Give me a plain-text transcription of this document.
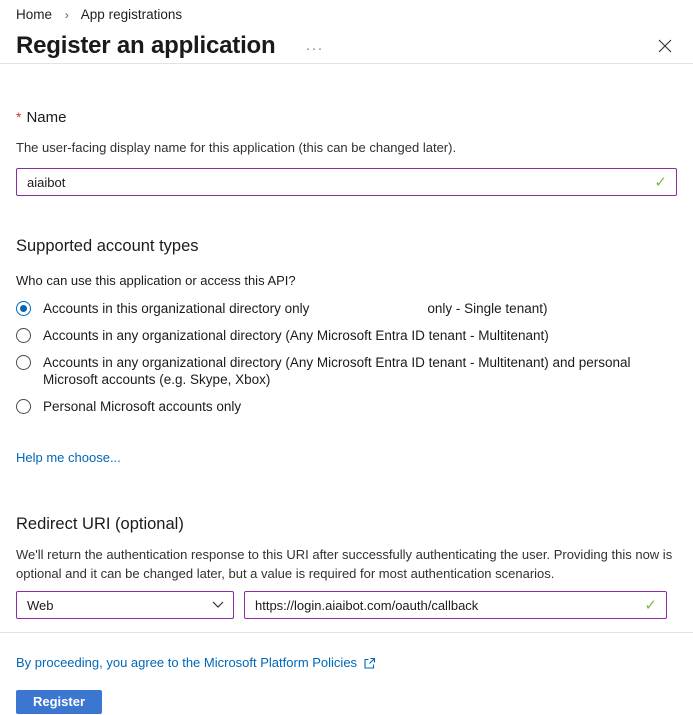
Home › App registrations
Register an application ···
* Name
The user-facing display name for this application (this can be changed later).
aiaibot
✓
Supported account types
Who can use this application or access this API?
Accounts in this organizational directory only	only - Single tenant)
Accounts in any organizational directory (Any Microsoft Entra ID tenant - Multitenant)
Accounts in any organizational directory (Any Microsoft Entra ID tenant - Multitenant) and personal Microsoft accounts (e.g. Skype, Xbox)
Personal Microsoft accounts only
Help me choose...
Redirect URI (optional)
We'll return the authentication response to this URI after successfully authenticating the user. Providing this now is optional and it can be changed later, but a value is required for most authentication scenarios.
Web
https://login.aiaibot.com/oauth/callback	✓
By proceeding, you agree to the Microsoft Platform Policies
Register
